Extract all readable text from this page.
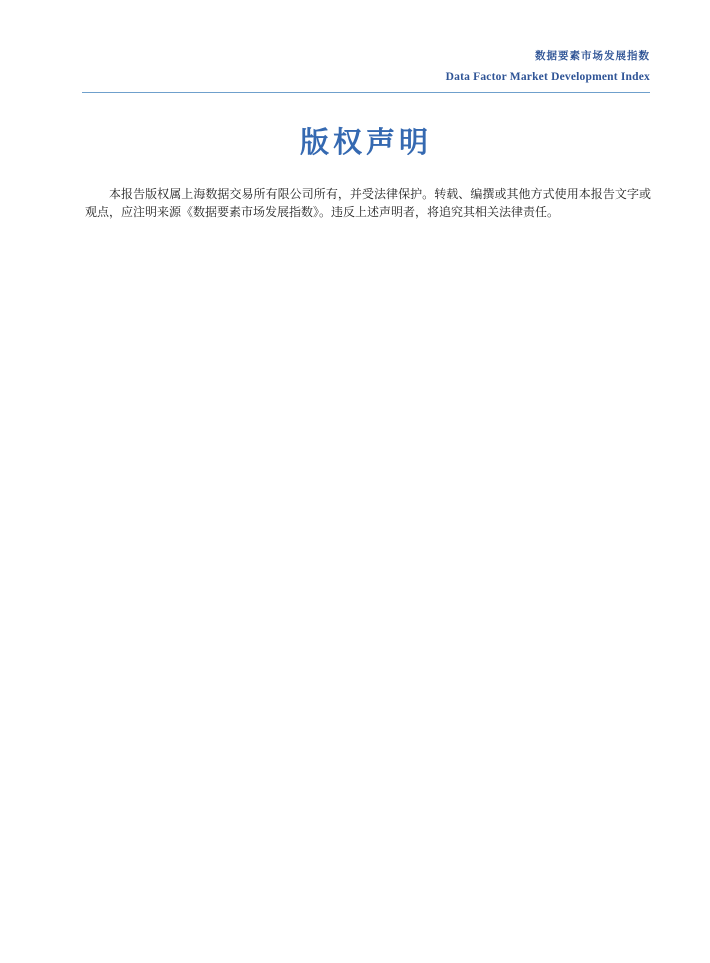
数据要素市场发展指数
Data Factor Market Development Index
版权声明

本报告版权属上海数据交易所有限公司所有，并受法律保护。转载、编撰或其他方式使用本报告文字或观点，应注明来源《数据要素市场发展指数》。违反上述声明者，将追究其相关法律责任。
